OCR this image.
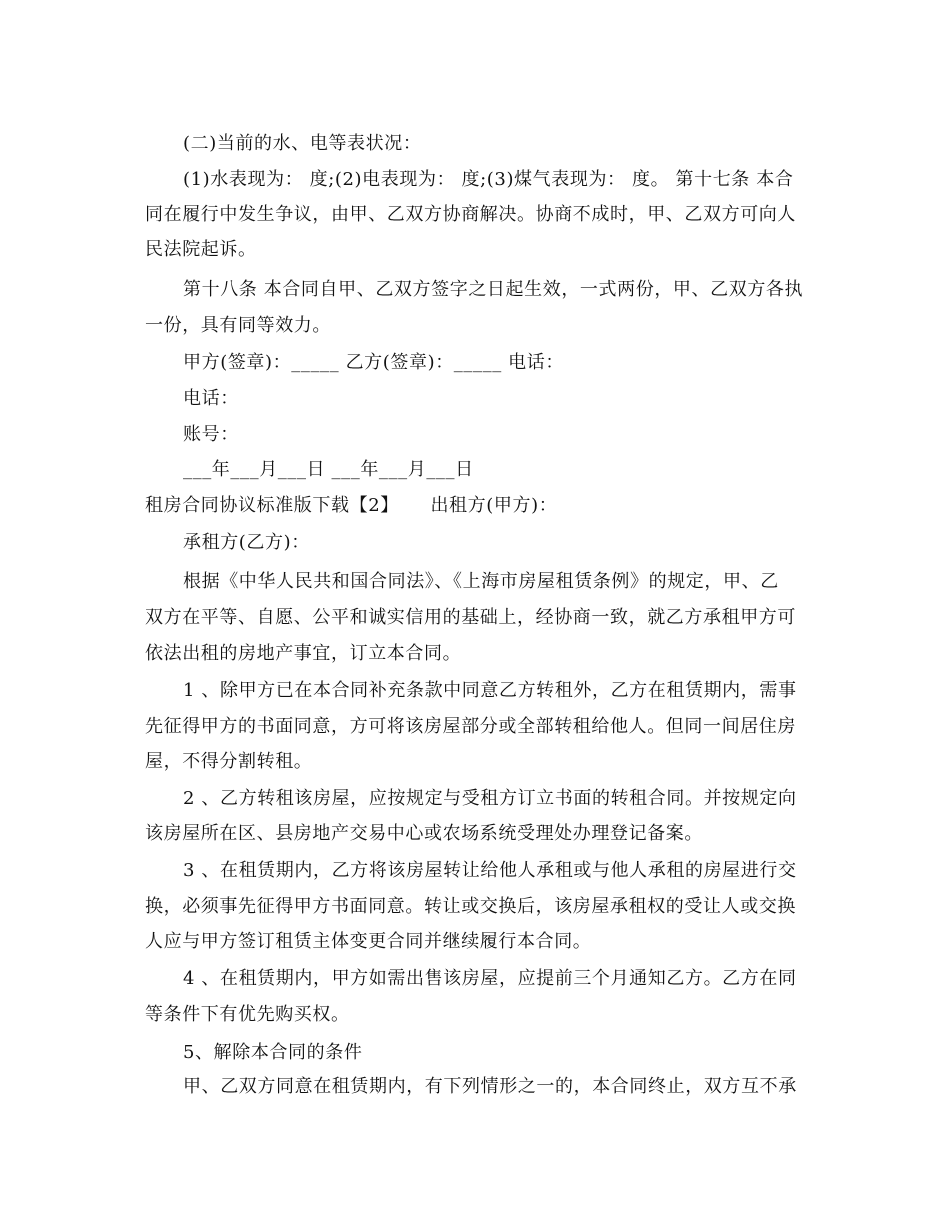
(二)当前的水、电等表状况：
(1)水表现为： 度;(2)电表现为： 度;(3)煤气表现为： 度。 第十七条 本合
同在履行中发生争议，由甲、乙双方协商解决。协商不成时，甲、乙双方可向人
民法院起诉。
第十八条 本合同自甲、乙双方签字之日起生效，一式两份，甲、乙双方各执
一份，具有同等效力。
甲方(签章)：_____ 乙方(签章)：_____ 电话：
电话：
账号：
___年___月___日 ___年___月___日
租房合同协议标准版下载【2】     出租方(甲方)：
承租方(乙方)：
根据《中华人民共和国合同法》、《上海市房屋租赁条例》的规定，甲、乙
双方在平等、自愿、公平和诚实信用的基础上，经协商一致，就乙方承租甲方可
依法出租的房地产事宜，订立本合同。
1 、除甲方已在本合同补充条款中同意乙方转租外，乙方在租赁期内，需事
先征得甲方的书面同意，方可将该房屋部分或全部转租给他人。但同一间居住房
屋，不得分割转租。
2 、乙方转租该房屋，应按规定与受租方订立书面的转租合同。并按规定向
该房屋所在区、县房地产交易中心或农场系统受理处办理登记备案。
3 、在租赁期内，乙方将该房屋转让给他人承租或与他人承租的房屋进行交
换，必须事先征得甲方书面同意。转让或交换后，该房屋承租权的受让人或交换
人应与甲方签订租赁主体变更合同并继续履行本合同。
4 、在租赁期内，甲方如需出售该房屋，应提前三个月通知乙方。乙方在同
等条件下有优先购买权。
5、解除本合同的条件
甲、乙双方同意在租赁期内，有下列情形之一的，本合同终止，双方互不承
